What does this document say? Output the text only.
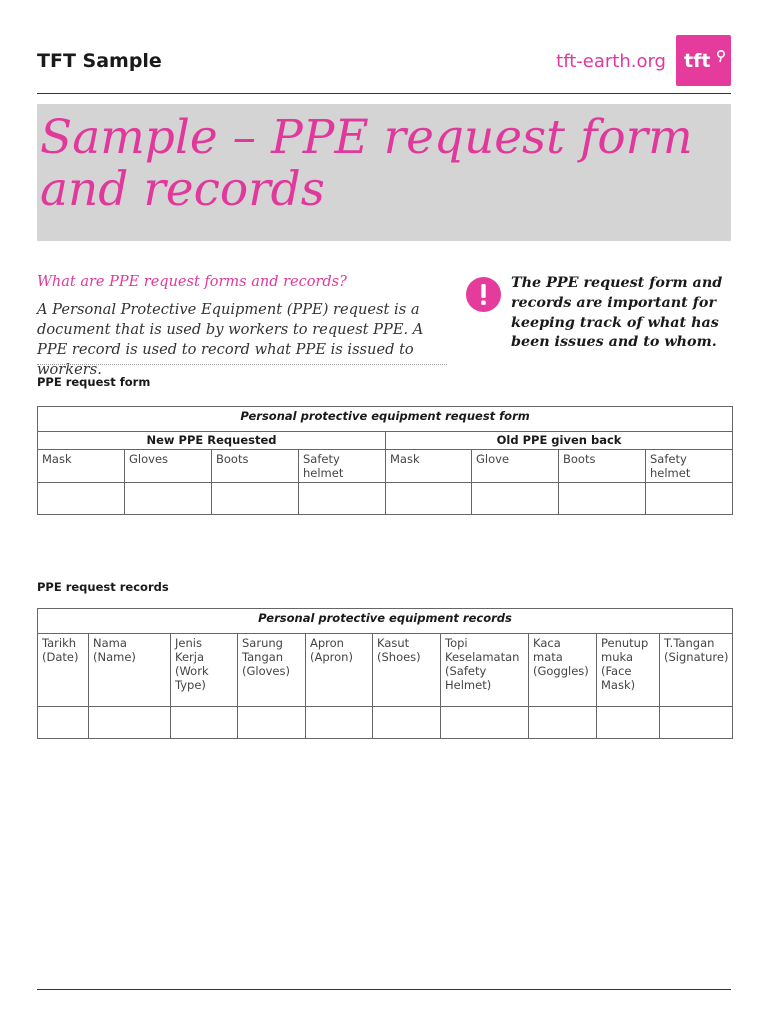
TFT Sample	tft-earth.org tft
Sample – PPE request form
and records
What are PPE request forms and records?
A Personal Protective Equipment (PPE) request is a document that is used by workers to request PPE. A PPE record is used to record what PPE is issued to workers.
The PPE request form and records are important for keeping track of what has been issues and to whom.
PPE request form
Personal protective equipment request form							
New PPE Requested				Old PPE given back			
Mask	Gloves	Boots	Safety helmet	Mask	Glove	Boots	Safety helmet

PPE request records
Personal protective equipment records									
Tarikh (Date)	Nama (Name)	Jenis Kerja (Work Type)	Sarung Tangan (Gloves)	Apron (Apron)	Kasut (Shoes)	Topi Keselamatan (Safety Helmet)	Kaca mata (Goggles)	Penutup muka (Face Mask)	T.Tangan (Signature)
